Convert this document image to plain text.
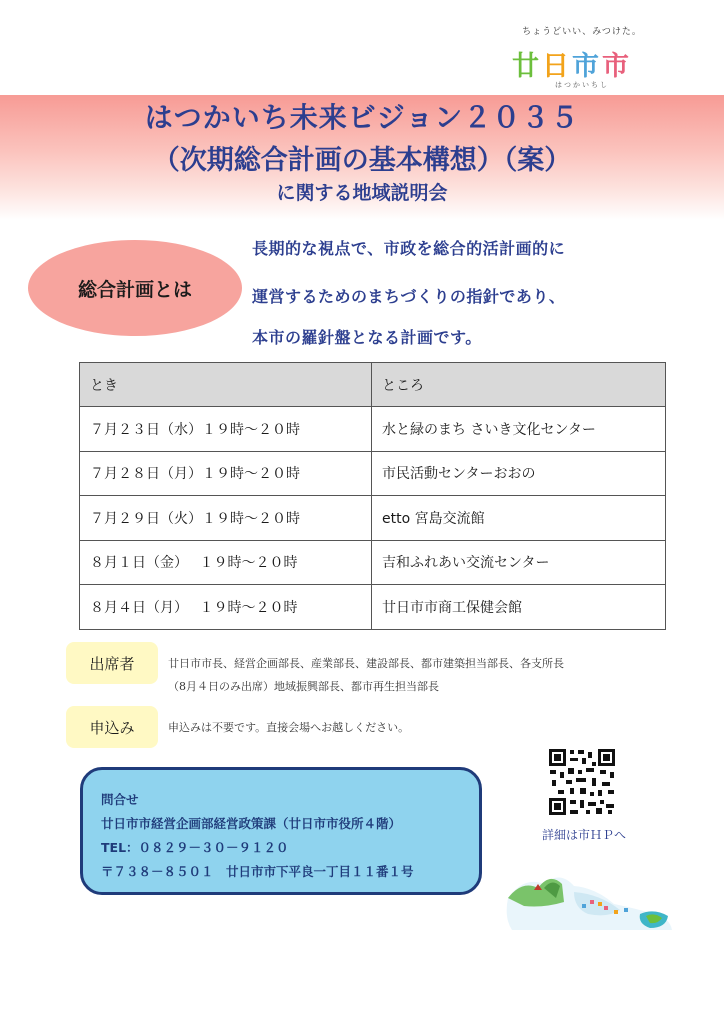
ちょうどいい、みつけた。
廿日市市
はつかいちし
はつかいち未来ビジョン２０３５
（次期総合計画の基本構想）（案）
に関する地域説明会
総合計画とは
長期的な視点で、市政を総合的活計画的に
運営するためのまちづくりの指針であり、
本市の羅針盤となる計画です。
とき	ところ
７月２３日（水）１９時～２０時	水と緑のまち さいき文化センター
７月２８日（月）１９時～２０時	市民活動センターおおの
７月２９日（火）１９時～２０時	etto 宮島交流館
８月１日（金）　 １９時～２０時	吉和ふれあい交流センター
８月４日（月）　 １９時～２０時	廿日市市商工保健会館
出席者	廿日市市長、経営企画部長、産業部長、建設部長、都市建築担当部長、各支所長
（8月４日のみ出席）地域振興部長、都市再生担当部長
申込み	申込みは不要です。直接会場へお越しください。
問合せ
廿日市市経営企画部経営政策課（廿日市市役所４階）
TEL：０８２９－３０－９１２０
〒７３８－８５０１　廿日市市下平良一丁目１１番１号
詳細は市ＨＰへ
